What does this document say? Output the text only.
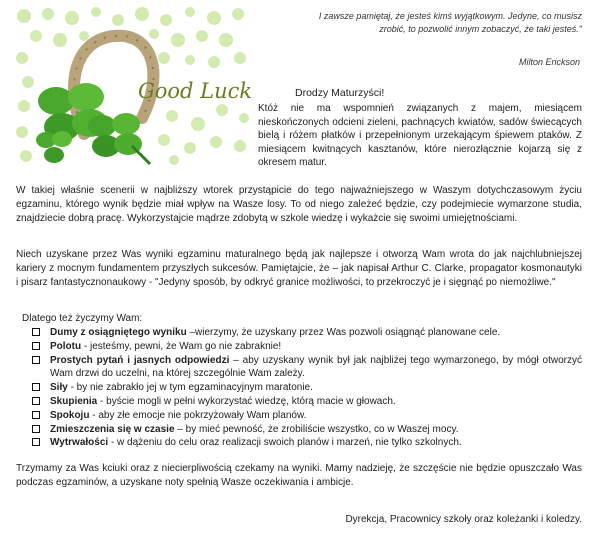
Good Luck
I zawsze pamiętaj, że jesteś kimś wyjątkowym. Jedyne, co musisz zrobić, to pozwolić innym zobaczyć, że taki jesteś."
Milton Erickson
Drodzy Maturzyści!
Któż nie ma wspomnień związanych z majem, miesiącem nieskończonych odcieni zieleni, pachnących kwiatów, sadów świecących bielą i różem płatków i przepełnionym urzekającym śpiewem ptaków. Z miesiącem kwitnących kasztanów, które nierozłącznie kojarzą się z okresem matur.
W takiej właśnie scenerii w najbliższy wtorek przystąpicie do tego najważniejszego w Waszym dotychczasowym życiu egzaminu, którego wynik będzie miał wpływ na Wasze losy. To od niego zależeć będzie, czy podejmiecie wymarzone studia, znajdziecie dobrą pracę. Wykorzystajcie mądrze zdobytą w szkole wiedzę i wykażcie się swoimi umiejętnościami.
Niech uzyskane przez Was wyniki egzaminu maturalnego będą jak najlepsze i otworzą Wam wrota do jak najchlubniejszej kariery z mocnym fundamentem przyszłych sukcesów. Pamiętajcie, że – jak napisał Arthur C. Clarke, propagator kosmonautyki i pisarz fantastycznonaukowy - "Jedyny sposób, by odkryć granice możliwości, to przekroczyć je i sięgnąć po niemożliwe."
Dlatego też życzymy Wam:
Dumy z osiągniętego wyniku –wierzymy, że uzyskany przez Was pozwoli osiągnąć planowane cele.
Polotu - jesteśmy, pewni, że Wam go nie zabraknie!
Prostych pytań i jasnych odpowiedzi – aby uzyskany wynik był jak najbliżej tego wymarzonego, by mógł otworzyć Wam drzwi do uczelni, na której szczególnie Wam zależy.
Siły - by nie zabrakło jej w tym egzaminacyjnym maratonie.
Skupienia - byście mogli w pełni wykorzystać wiedzę, którą macie w głowach.
Spokoju - aby złe emocje nie pokrzyżowały Wam planów.
Zmieszczenia się w czasie – by mieć pewność, że zrobiliście wszystko, co w Waszej mocy.
Wytrwałości - w dążeniu do celu oraz realizacji swoich planów i marzeń, nie tylko szkolnych.
Trzymamy za Was kciuki oraz z niecierpliwością czekamy na wyniki. Mamy nadzieję, że szczęście nie będzie opuszczało Was podczas egzaminów, a uzyskane noty spełnią Wasze oczekiwania i ambicje.
Dyrekcja, Pracownicy szkoły oraz koleżanki i koledzy.
